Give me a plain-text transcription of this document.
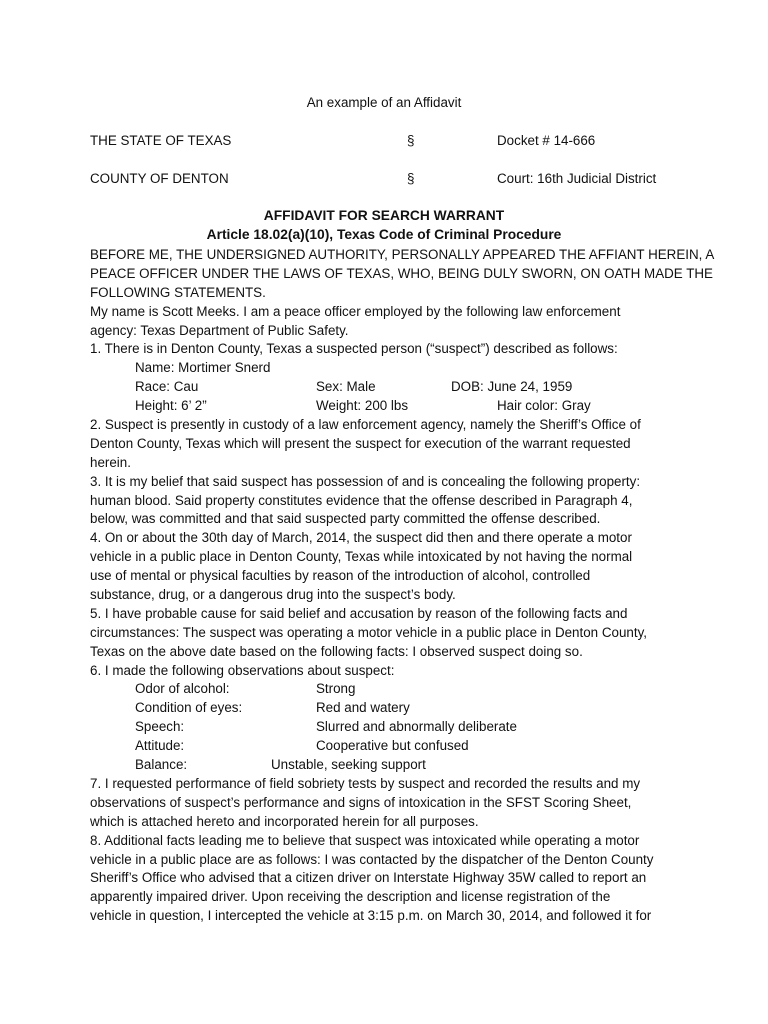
An example of an Affidavit
THE STATE OF TEXAS	§	Docket # 14-666
COUNTY OF DENTON	§	Court: 16th Judicial District
AFFIDAVIT FOR SEARCH WARRANT
Article 18.02(a)(10), Texas Code of Criminal Procedure
BEFORE ME, THE UNDERSIGNED AUTHORITY, PERSONALLY APPEARED THE AFFIANT HEREIN, A
PEACE OFFICER UNDER THE LAWS OF TEXAS, WHO, BEING DULY SWORN, ON OATH MADE THE
FOLLOWING STATEMENTS.
My name is Scott Meeks. I am a peace officer employed by the following law enforcement
agency: Texas Department of Public Safety.
1. There is in Denton County, Texas a suspected person (“suspect”) described as follows:
Name: Mortimer Snerd
Race: Cau	Sex: Male	DOB: June 24, 1959
Height: 6’ 2”	Weight: 200 lbs	Hair color: Gray
2. Suspect is presently in custody of a law enforcement agency, namely the Sheriff’s Office of
Denton County, Texas which will present the suspect for execution of the warrant requested
herein.
3. It is my belief that said suspect has possession of and is concealing the following property:
human blood. Said property constitutes evidence that the offense described in Paragraph 4,
below, was committed and that said suspected party committed the offense described.
4. On or about the 30th day of March, 2014, the suspect did then and there operate a motor
vehicle in a public place in Denton County, Texas while intoxicated by not having the normal
use of mental or physical faculties by reason of the introduction of alcohol, controlled
substance, drug, or a dangerous drug into the suspect’s body.
5. I have probable cause for said belief and accusation by reason of the following facts and
circumstances: The suspect was operating a motor vehicle in a public place in Denton County,
Texas on the above date based on the following facts: I observed suspect doing so.
6. I made the following observations about suspect:
Odor of alcohol:	Strong
Condition of eyes:	Red and watery
Speech:	Slurred and abnormally deliberate
Attitude:	Cooperative but confused
Balance:	Unstable, seeking support
7. I requested performance of field sobriety tests by suspect and recorded the results and my
observations of suspect’s performance and signs of intoxication in the SFST Scoring Sheet,
which is attached hereto and incorporated herein for all purposes.
8. Additional facts leading me to believe that suspect was intoxicated while operating a motor
vehicle in a public place are as follows: I was contacted by the dispatcher of the Denton County
Sheriff’s Office who advised that a citizen driver on Interstate Highway 35W called to report an
apparently impaired driver. Upon receiving the description and license registration of the
vehicle in question, I intercepted the vehicle at 3:15 p.m. on March 30, 2014, and followed it for
